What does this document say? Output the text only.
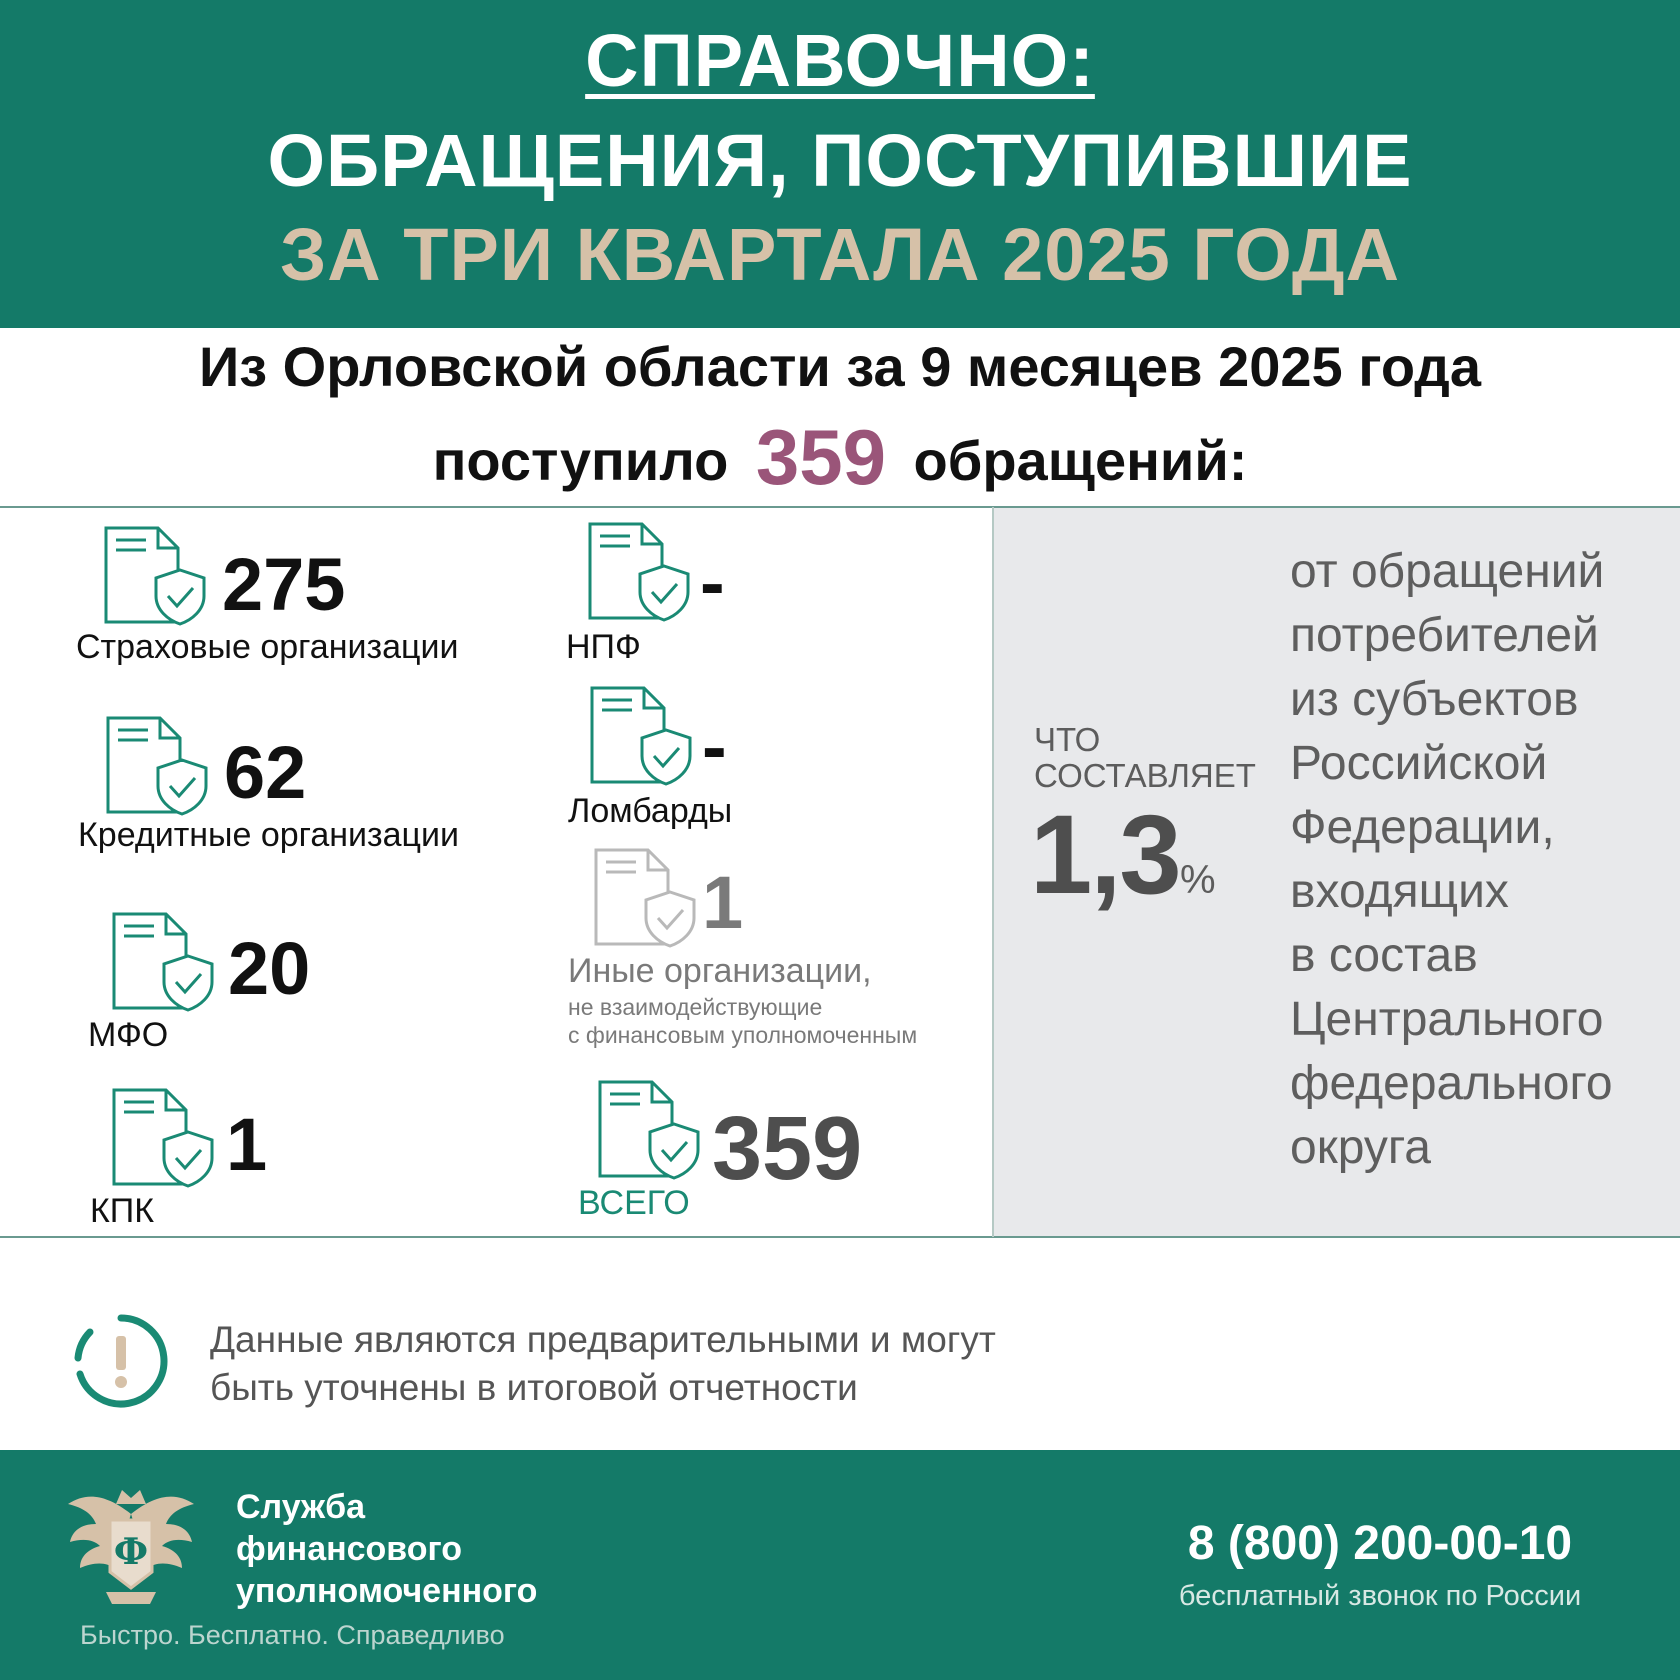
СПРАВОЧНО:
ОБРАЩЕНИЯ, ПОСТУПИВШИЕ
ЗА ТРИ КВАРТАЛА 2025 ГОДА
Из Орловской области за 9 месяцев 2025 года
поступило 359 обращений:
275
Страховые организации
62
Кредитные организации
20
МФО
1
КПК
-
НПФ
-
Ломбарды
1
Иные организации,
не взаимодействующие
с финансовым уполномоченным
359
ВСЕГО
ЧТО
СОСТАВЛЯЕТ
1,3 %
от обращений
потребителей
из субъектов
Российской
Федерации,
входящих
в состав
Центрального
федерального
округа
Данные являются предварительными и могут
быть уточнены в итоговой отчетности
Ф
Служба
финансового
уполномоченного
Быстро. Бесплатно. Справедливо
8 (800) 200-00-10
бесплатный звонок по России
